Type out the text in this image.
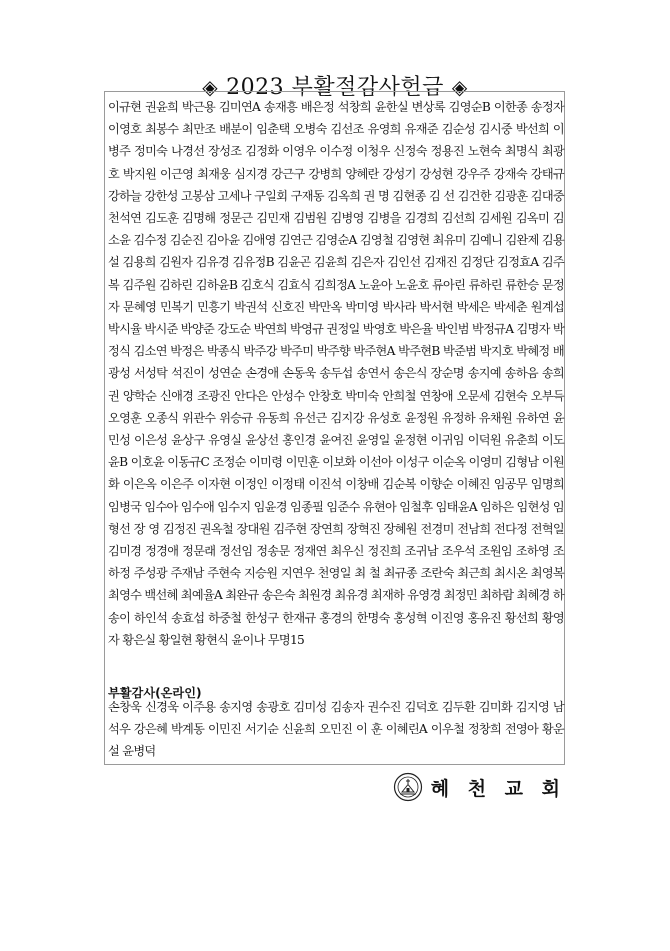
◈ 2023 부활절감사헌금 ◈
이규현 권윤희 박근용 김미연A 송재흥 배은정 석창희 윤한실 변상록 김영순B 이한종 송정자 이영호 최봉수 최만조 배분이 임춘택 오병숙 김선조 유영희 유재준 김순성 김시중 박선희 이병주 정미숙 나경선 장성조 김정화 이영우 이수정 이청우 신정숙 정용진 노현숙 최명식 최광호 박지원 이근영 최재웅 심지경 강근구 강병희 양혜란 강성기 강성현 강우주 강재숙 강태규 강하늘 강한성 고봉삼 고세나 구일회 구재동 김옥희 권 명 김현종 김 선 김건한 김광훈 김대중 천석연 김도훈 김명해 정문근 김민재 김범원 김병영 김병을 김경희 김선희 김세원 김옥미 김소윤 김수정 김순진 김아윤 김애영 김연근 김영순A 김영철 김영현 최유미 김예니 김완제 김용설 김용희 김원자 김유경 김유정B 김윤곤 김윤희 김은자 김인선 김재진 김정단 김정효A 김주복 김주원 김하린 김하윤B 김호식 김효식 김희정A 노윤아 노윤호 류아린 류하린 류한승 문정자 문혜영 민복기 민흥기 박권석 신호진 박만옥 박미영 박사라 박서현 박세은 박세춘 원계섭 박시율 박시준 박양준 강도순 박연희 박영규 권정일 박영호 박은율 박인범 박정규A 김명자 박정식 김소연 박정은 박종식 박주강 박주미 박주향 박주현A 박주현B 박준범 박지호 박혜정 배광성 서성탁 석진이 성연순 손경애 손동욱 송두섭 송연서 송은식 장순명 송지예 송하음 송희권 양학순 신애경 조광진 안다은 안성수 안창호 박미숙 안희철 연창애 오문세 김현숙 오부득 오영훈 오종식 위관수 위승규 유동희 유선근 김지강 유성호 윤정원 유정하 유채원 유하연 윤민성 이은성 윤상구 유영실 윤상선 홍인경 윤여진 윤영일 윤정현 이귀임 이덕원 유춘희 이도윤B 이호윤 이동규C 조정순 이미령 이민훈 이보화 이선아 이성구 이순옥 이영미 김형남 이원화 이은옥 이은주 이자현 이정인 이정태 이진석 이창배 김순복 이향순 이혜진 임공무 임명희 임병국 임수아 임수애 임수지 임윤경 임종필 임준수 유현아 임철후 임태윤A 임하은 임현성 임형선 장 영 김정진 권옥철 장대원 김주현 장연희 장혁진 장혜원 전경미 전남희 전다정 전혁일 김미경 정경애 정문래 정선임 정송문 정재연 최우신 정진희 조귀남 조우석 조원임 조하영 조하정 주성광 주재남 주현숙 지승원 지연우 천영일 최 철 최규종 조란숙 최근희 최시온 최영복 최영수 백선혜 최예율A 최완규 송은숙 최원경 최유경 최재하 유영경 최정민 최하람 최혜경 하송이 하인석 송효섭 하중철 한성구 한재규 홍경의 한명숙 홍성혁 이진영 홍유진 황선희 황영자 황은실 황일현 황현식 윤이나 무명15
부활감사(온라인)
손창욱 신경욱 이주용 송지영 송광호 김미성 김송자 권수진 김덕호 김두환 김미화 김지영 남석우 강은혜 박계동 이민진 서기순 신윤희 오민진 이 훈 이혜린A 이우철 정창희 전영아 황운설 윤병덕
혜 천 교 회
